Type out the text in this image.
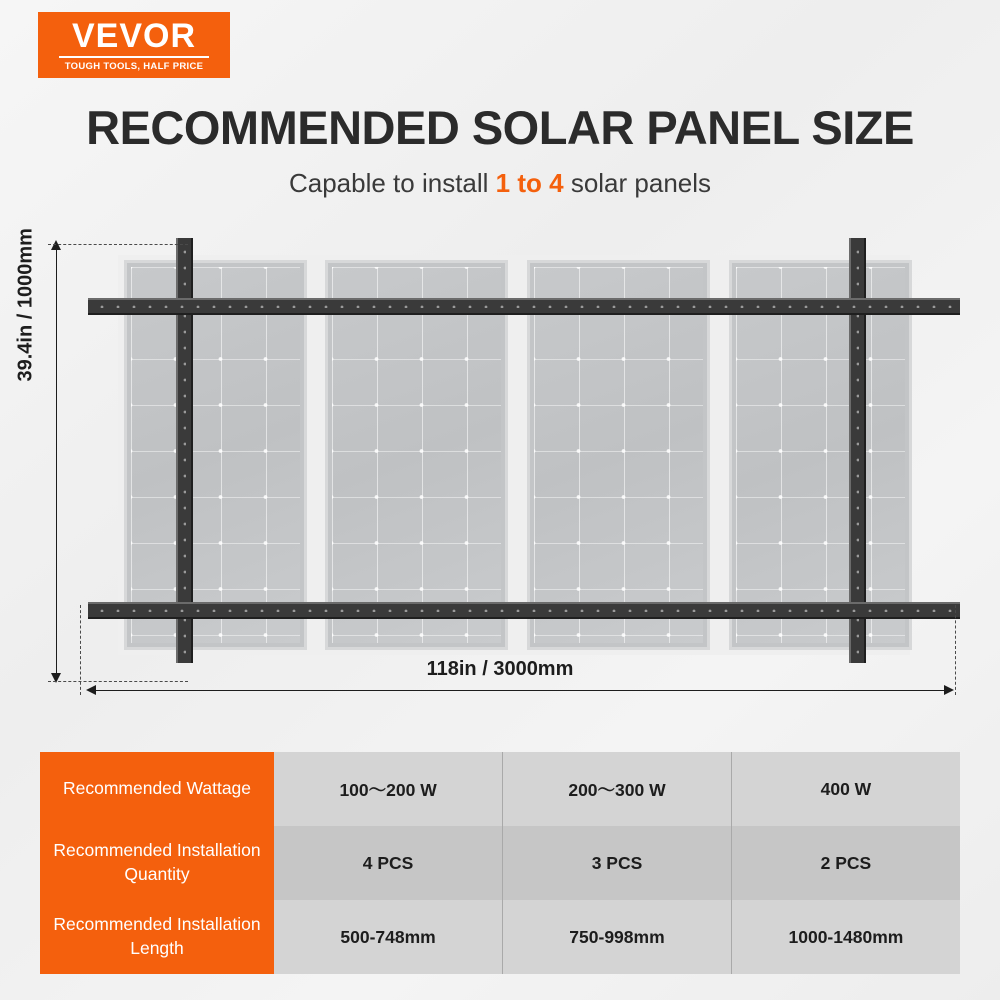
VEVOR
TOUGH TOOLS, HALF PRICE
RECOMMENDED SOLAR PANEL SIZE
Capable to install 1 to 4 solar panels
39.4in / 1000mm
118in / 3000mm
Recommended Wattage	100～200 W	200～300 W	400 W
Recommended Installation Quantity	4 PCS	3 PCS	2 PCS
Recommended Installation Length	500-748mm	750-998mm	1000-1480mm
